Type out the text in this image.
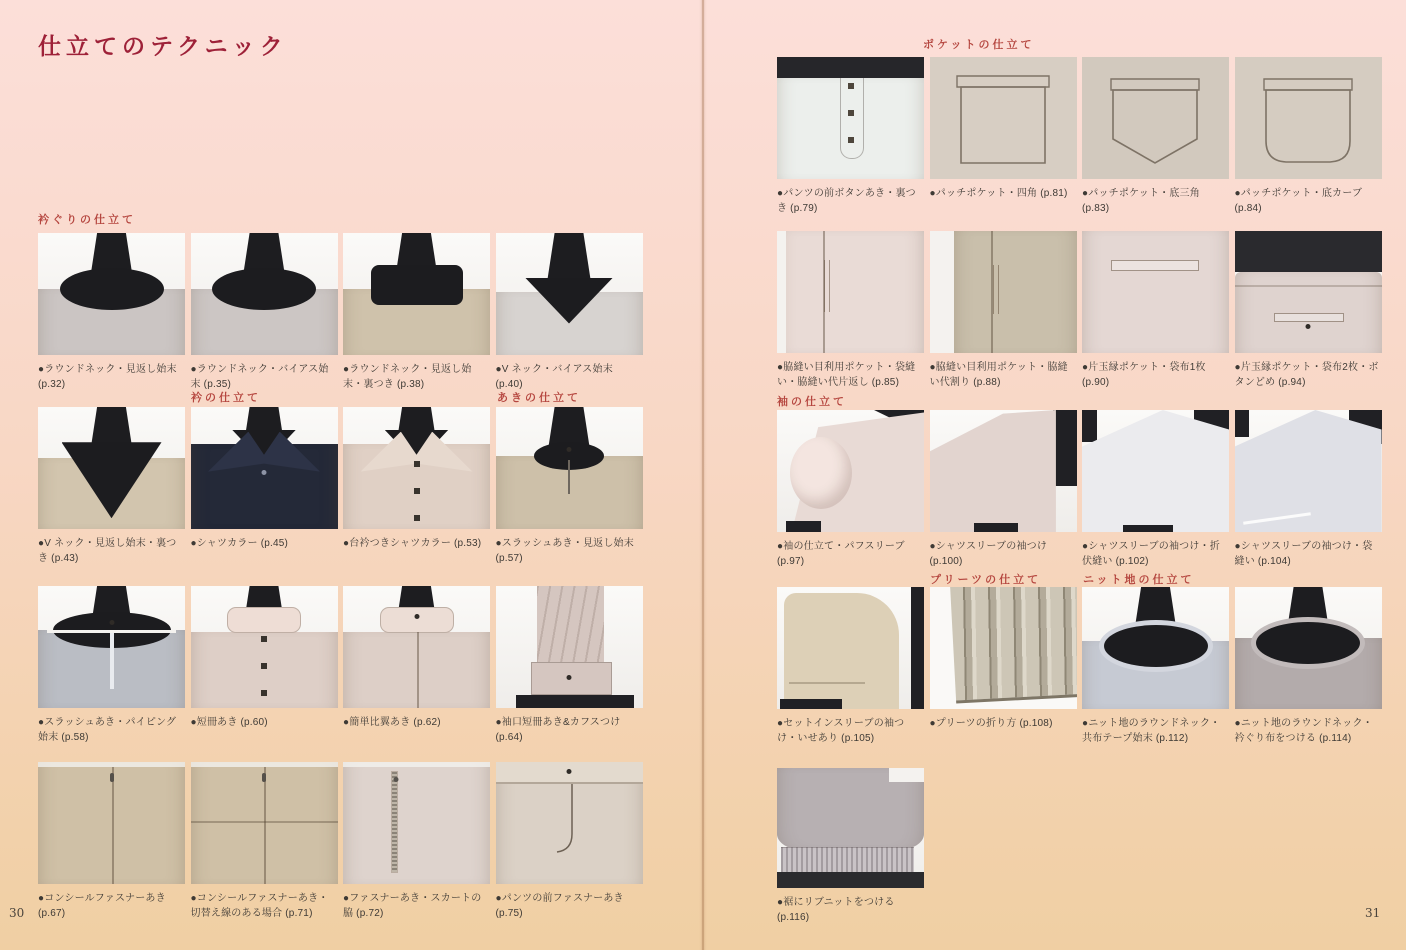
仕立てのテクニック
衿ぐりの仕立て
●ラウンドネック・見返し始末 (p.32)
●ラウンドネック・バイアス始末 (p.35)
●ラウンドネック・見返し始末・裏つき (p.38)
●V ネック・バイアス始末 (p.40)
衿の仕立て	あきの仕立て
●V ネック・見返し始末・裏つき (p.43)
●シャツカラー (p.45)	●台衿つきシャツカラー (p.53)	●スラッシュあき・見返し始末 (p.57)
●スラッシュあき・パイピング始末 (p.58)
●短冊あき (p.60)	●簡単比翼あき (p.62)	●袖口短冊あき&カフスつけ (p.64)
●コンシールファスナーあき (p.67)
●コンシールファスナーあき・切替え線のある場合 (p.71)
●ファスナーあき・スカートの脇 (p.72)
●パンツの前ファスナーあき (p.75)
30
ポケットの仕立て
●パンツの前ボタンあき・裏つき (p.79)
●パッチポケット・四角 (p.81)	●パッチポケット・底三角 (p.83)
●パッチポケット・底カーブ (p.84)
●脇縫い目利用ポケット・袋縫い・脇縫い代片返し (p.85)
●脇縫い目利用ポケット・脇縫い代割り (p.88)
●片玉縁ポケット・袋布1枚 (p.90)
●片玉縁ポケット・袋布2枚・ボタンどめ (p.94)
袖の仕立て
●袖の仕立て・パフスリーブ (p.97)
●シャツスリーブの袖つけ (p.100)
●シャツスリーブの袖つけ・折伏縫い (p.102)
●シャツスリーブの袖つけ・袋縫い (p.104)
プリーツの仕立て	ニット地の仕立て
●セットインスリーブの袖つけ・いせあり (p.105)
●プリーツの折り方 (p.108)	●ニット地のラウンドネック・共布テープ始末 (p.112)
●ニット地のラウンドネック・衿ぐり布をつける (p.114)
●裾にリブニットをつける (p.116)	31
